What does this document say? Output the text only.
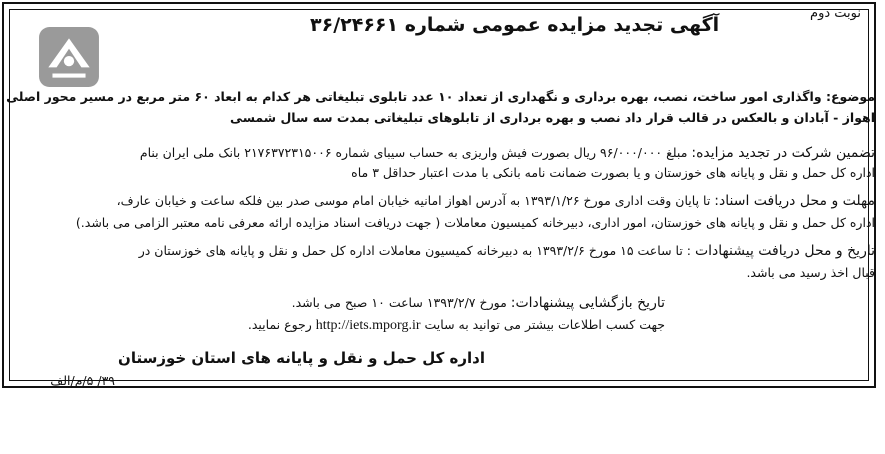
نوبت دوم
آگهی تجدید مزایده عمومی شماره ۳۶/۲۴۶۶۱
موضوع: واگذاری امور ساخت، نصب، بهره برداری و نگهداری از تعداد ۱۰ عدد تابلوی تبلیغاتی هر کدام به ابعاد ۶۰ متر مربع در مسیر محور اصلی
اهواز - آبادان و بالعکس در قالب قرار داد نصب و بهره برداری از تابلوهای تبلیغاتی بمدت سه سال شمسی
تضمین شرکت در تجدید مزایده: مبلغ ۹۶/۰۰۰/۰۰۰ ریال بصورت فیش واریزی به حساب سیبای شماره ۲۱۷۶۳۷۲۳۱۵۰۰۶ بانک ملی ایران بنام
اداره کل حمل و نقل و پایانه های خوزستان و یا بصورت ضمانت نامه بانکی با مدت اعتبار حداقل ۳ ماه
مهلت و محل دریافت اسناد: تا پایان وقت اداری مورخ ۱۳۹۳/۱/۲۶ به آدرس اهواز امانیه خیابان امام موسی صدر بین فلکه ساعت و خیابان عارف،
اداره کل حمل و نقل و پایانه های خوزستان، امور اداری، دبیرخانه کمیسیون معاملات ( جهت دریافت اسناد مزایده ارائه معرفی نامه معتبر الزامی می باشد.)
تاریخ و محل دریافت پیشنهادات : تا ساعت ۱۵ مورخ ۱۳۹۳/۲/۶ به دبیرخانه کمیسیون معاملات اداره کل حمل و نقل و پایانه های خوزستان در
قبال اخذ رسید می باشد.
تاریخ بازگشایی پیشنهادات: مورخ ۱۳۹۳/۲/۷ ساعت ۱۰ صبح می باشد.
جهت کسب اطلاعات بیشتر می توانید به سایت http://iets.mporg.ir رجوع نمایید.
اداره کل حمل و نقل و پایانه های استان خوزستان
۳۹/ ۵/م/الف
